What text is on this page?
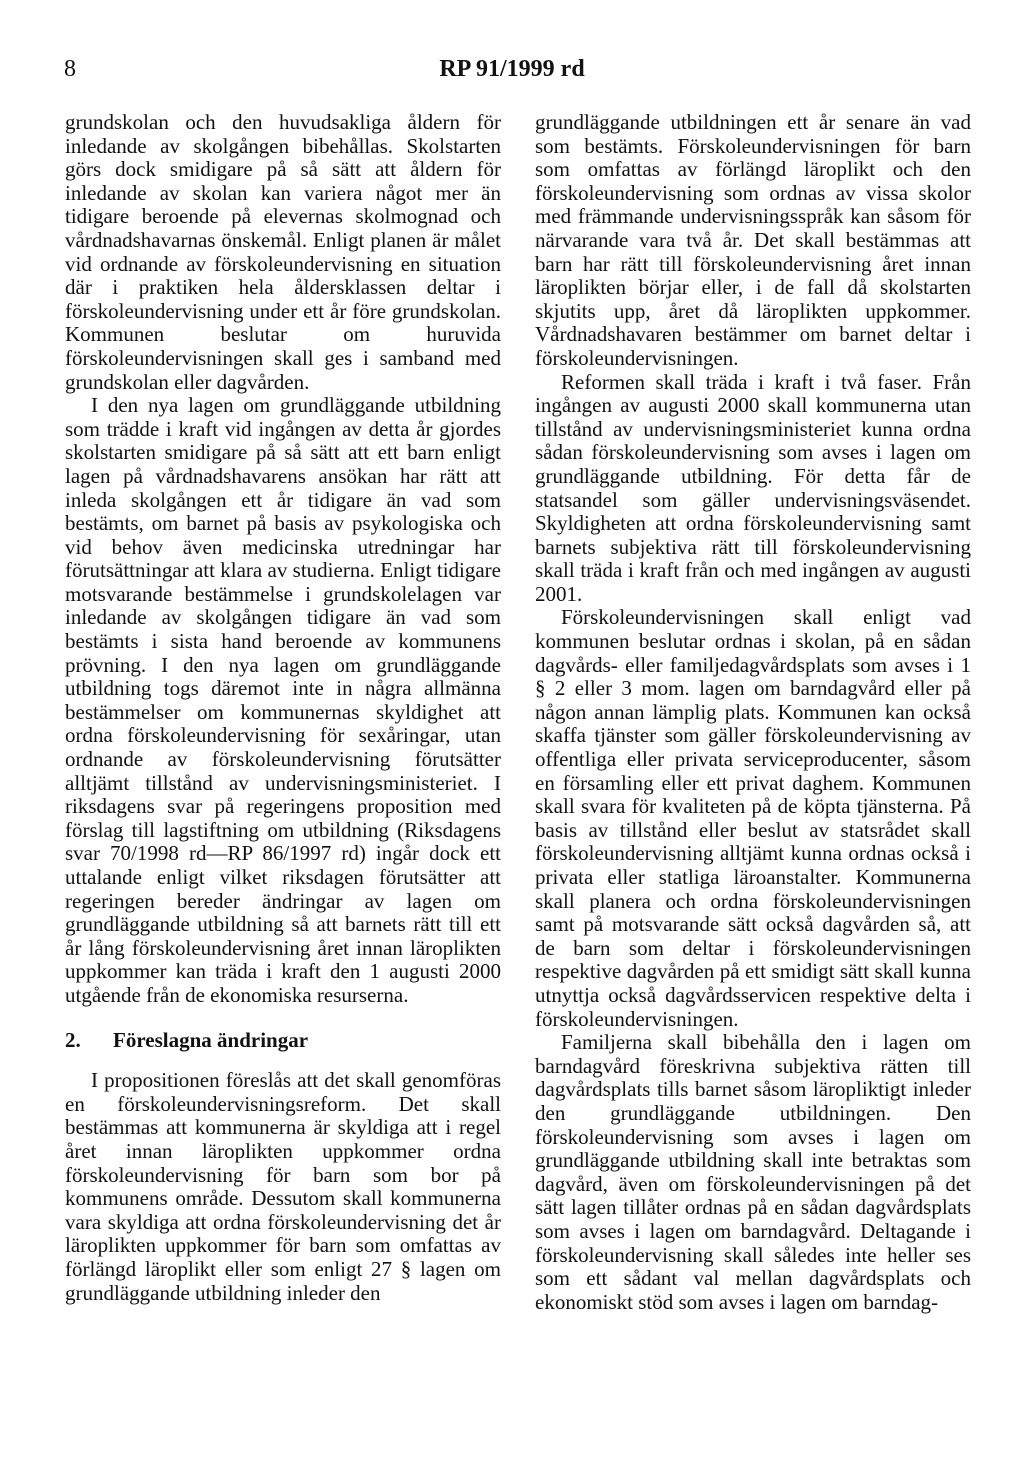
8	RP 91/1999 rd

grundskolan och den huvudsakliga åldern för inledande av skolgången bibehållas. Skolstarten görs dock smidigare på så sätt att åldern för inledande av skolan kan variera något mer än tidigare beroende på elevernas skolmognad och vårdnadshavarnas önskemål. Enligt planen är målet vid ordnande av förskoleundervisning en situation där i praktiken hela åldersklassen deltar i förskoleundervisning under ett år före grundskolan. Kommunen beslutar om huruvida förskoleundervisningen skall ges i samband med grundskolan eller dagvården.

I den nya lagen om grundläggande utbildning som trädde i kraft vid ingången av detta år gjordes skolstarten smidigare på så sätt att ett barn enligt lagen på vårdnadshavarens ansökan har rätt att inleda skolgången ett år tidigare än vad som bestämts, om barnet på basis av psykologiska och vid behov även medicinska utredningar har förutsättningar att klara av studierna. Enligt tidigare motsvarande bestämmelse i grundskolelagen var inledande av skolgången tidigare än vad som bestämts i sista hand beroende av kommunens prövning. I den nya lagen om grundläggande utbildning togs däremot inte in några allmänna bestämmelser om kommunernas skyldighet att ordna förskoleundervisning för sexåringar, utan ordnande av förskoleundervisning förutsätter alltjämt tillstånd av undervisningsministeriet. I riksdagens svar på regeringens proposition med förslag till lagstiftning om utbildning (Riksdagens svar 70/1998 rd—RP 86/1997 rd) ingår dock ett uttalande enligt vilket riksdagen förutsätter att regeringen bereder ändringar av lagen om grundläggande utbildning så att barnets rätt till ett år lång förskoleundervisning året innan läroplikten uppkommer kan träda i kraft den 1 augusti 2000 utgående från de ekonomiska resurserna.

2. Föreslagna ändringar

I propositionen föreslås att det skall genomföras en förskoleundervisningsreform. Det skall bestämmas att kommunerna är skyldiga att i regel året innan läroplikten uppkommer ordna förskoleundervisning för barn som bor på kommunens område. Dessutom skall kommunerna vara skyldiga att ordna förskoleundervisning det år läroplikten uppkommer för barn som omfattas av förlängd läroplikt eller som enligt 27 § lagen om grundläggande utbildning inleder den

grundläggande utbildningen ett år senare än vad som bestämts. Förskoleundervisningen för barn som omfattas av förlängd läroplikt och den förskoleundervisning som ordnas av vissa skolor med främmande undervisningsspråk kan såsom för närvarande vara två år. Det skall bestämmas att barn har rätt till förskoleundervisning året innan läroplikten börjar eller, i de fall då skolstarten skjutits upp, året då läroplikten uppkommer. Vårdnadshavaren bestämmer om barnet deltar i förskoleundervisningen.

Reformen skall träda i kraft i två faser. Från ingången av augusti 2000 skall kommunerna utan tillstånd av undervisningsministeriet kunna ordna sådan förskoleundervisning som avses i lagen om grundläggande utbildning. För detta får de statsandel som gäller undervisningsväsendet. Skyldigheten att ordna förskoleundervisning samt barnets subjektiva rätt till förskoleundervisning skall träda i kraft från och med ingången av augusti 2001.

Förskoleundervisningen skall enligt vad kommunen beslutar ordnas i skolan, på en sådan dagvårds- eller familjedagvårdsplats som avses i 1 § 2 eller 3 mom. lagen om barndagvård eller på någon annan lämplig plats. Kommunen kan också skaffa tjänster som gäller förskoleundervisning av offentliga eller privata serviceproducenter, såsom en församling eller ett privat daghem. Kommunen skall svara för kvaliteten på de köpta tjänsterna. På basis av tillstånd eller beslut av statsrådet skall förskoleundervisning alltjämt kunna ordnas också i privata eller statliga läroanstalter. Kommunerna skall planera och ordna förskoleundervisningen samt på motsvarande sätt också dagvården så, att de barn som deltar i förskoleundervisningen respektive dagvården på ett smidigt sätt skall kunna utnyttja också dagvårdsservicen respektive delta i förskoleundervisningen.

Familjerna skall bibehålla den i lagen om barndagvård föreskrivna subjektiva rätten till dagvårdsplats tills barnet såsom läropliktigt inleder den grundläggande utbildningen. Den förskoleundervisning som avses i lagen om grundläggande utbildning skall inte betraktas som dagvård, även om förskoleundervisningen på det sätt lagen tillåter ordnas på en sådan dagvårdsplats som avses i lagen om barndagvård. Deltagande i förskoleundervisning skall således inte heller ses som ett sådant val mellan dagvårdsplats och ekonomiskt stöd som avses i lagen om barndag-
